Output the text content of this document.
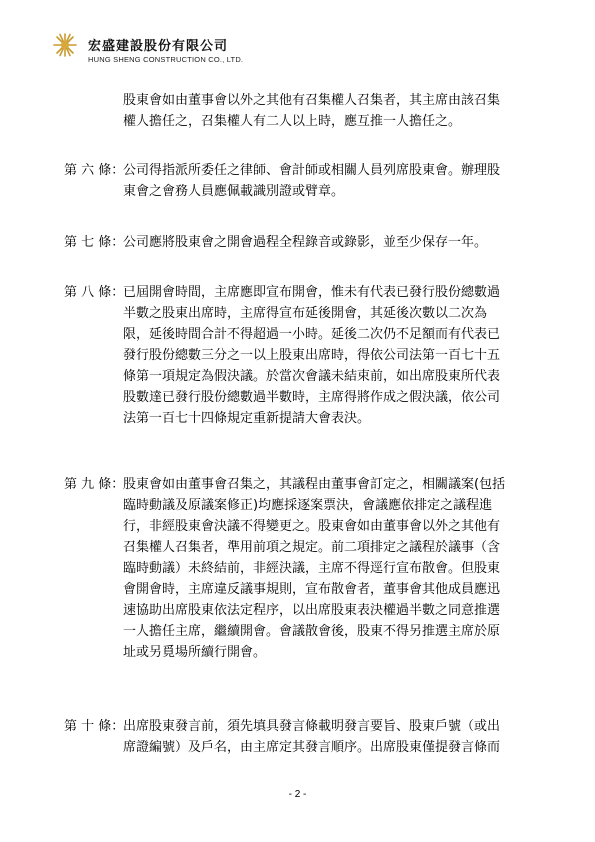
宏盛建設股份有限公司
HUNG SHENG CONSTRUCTION CO., LTD.
股東會如由董事會以外之其他有召集權人召集者，其主席由該召集
權人擔任之，召集權人有二人以上時，應互推一人擔任之。
第 六 條：
公司得指派所委任之律師、會計師或相關人員列席股東會。辦理股
東會之會務人員應佩載識別證或臂章。
第 七 條：
公司應將股東會之開會過程全程錄音或錄影，並至少保存一年。
第 八 條：
已屆開會時間，主席應即宣布開會，惟未有代表已發行股份總數過
半數之股東出席時，主席得宣布延後開會，其延後次數以二次為
限，延後時間合計不得超過一小時。延後二次仍不足額而有代表已
發行股份總數三分之一以上股東出席時，得依公司法第一百七十五
條第一項規定為假決議。於當次會議未結束前，如出席股東所代表
股數達已發行股份總數過半數時，主席得將作成之假決議，依公司
法第一百七十四條規定重新提請大會表決。
第 九 條：
股東會如由董事會召集之，其議程由董事會訂定之，相關議案(包括
臨時動議及原議案修正)均應採逐案票決，會議應依排定之議程進
行，非經股東會決議不得變更之。股東會如由董事會以外之其他有
召集權人召集者，準用前項之規定。前二項排定之議程於議事（含
臨時動議）未終結前，非經決議，主席不得逕行宣布散會。但股東
會開會時，主席違反議事規則，宣布散會者，董事會其他成員應迅
速協助出席股東依法定程序，以出席股東表決權過半數之同意推選
一人擔任主席，繼續開會。會議散會後，股東不得另推選主席於原
址或另覓場所續行開會。
第 十 條：
出席股東發言前，須先填具發言條載明發言要旨、股東戶號（或出
席證編號）及戶名，由主席定其發言順序。出席股東僅提發言條而
- 2 -
